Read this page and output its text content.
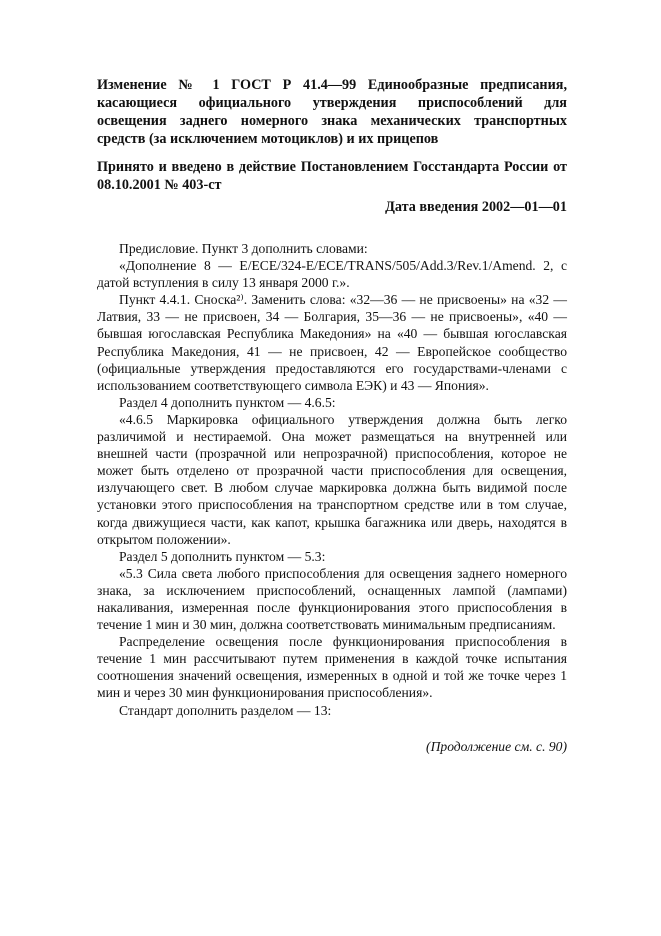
Изменение № 1 ГОСТ Р 41.4—99 Единообразные предписания, касающиеся официального утверждения приспособлений для освещения заднего номерного знака механических транспортных средств (за исключением мотоциклов) и их прицепов

Принято и введено в действие Постановлением Госстандарта России от 08.10.2001 № 403-ст

Дата введения 2002—01—01

Предисловие. Пункт 3 дополнить словами:

«Дополнение 8 — E/ECE/324-E/ECE/TRANS/505/Add.3/Rev.1/Amend. 2, с датой вступления в силу 13 января 2000 г.».

Пункт 4.4.1. Сноска²⁾. Заменить слова: «32—36 — не присвоены» на «32 — Латвия, 33 — не присвоен, 34 — Болгария, 35—36 — не присвоены», «40 — бывшая югославская Республика Македония» на «40 — бывшая югославская Республика Македония, 41 — не присвоен, 42 — Европейское сообщество (официальные утверждения предоставляются его государствами-членами с использованием соответствующего символа ЕЭК) и 43 — Япония».

Раздел 4 дополнить пунктом — 4.6.5:

«4.6.5 Маркировка официального утверждения должна быть легко различимой и нестираемой. Она может размещаться на внутренней или внешней части (прозрачной или непрозрачной) приспособления, которое не может быть отделено от прозрачной части приспособления для освещения, излучающего свет. В любом случае маркировка должна быть видимой после установки этого приспособления на транспортном средстве или в том случае, когда движущиеся части, как капот, крышка багажника или дверь, находятся в открытом положении».

Раздел 5 дополнить пунктом — 5.3:

«5.3 Сила света любого приспособления для освещения заднего номерного знака, за исключением приспособлений, оснащенных лампой (лампами) накаливания, измеренная после функционирования этого приспособления в течение 1 мин и 30 мин, должна соответствовать минимальным предписаниям.

Распределение освещения после функционирования приспособления в течение 1 мин рассчитывают путем применения в каждой точке испытания соотношения значений освещения, измеренных в одной и той же точке через 1 мин и через 30 мин функционирования приспособления».

Стандарт дополнить разделом — 13:

(Продолжение см. с. 90)
